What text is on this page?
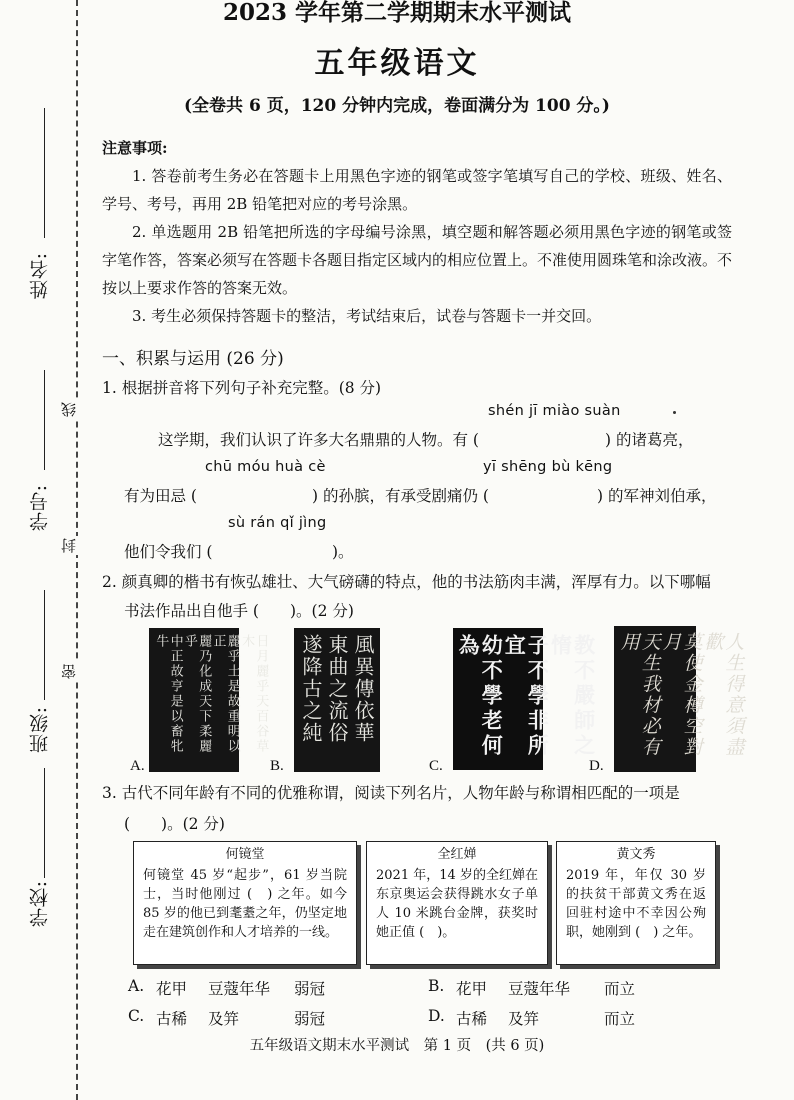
姓名:
学号:
班级:
学校:
线
封
密
2023 学年第二学期期末水平测试
五年级语文
(全卷共 6 页，120 分钟内完成，卷面满分为 100 分。)
注意事项:

1. 答卷前考生务必在答题卡上用黑色字迹的钢笔或签字笔填写自己的学校、班级、姓名、学号、考号，再用 2B 铅笔把对应的考号涂黑。

2. 单选题用 2B 铅笔把所选的字母编号涂黑，填空题和解答题必须用黑色字迹的钢笔或签字笔作答，答案必须写在答题卡各题目指定区域内的相应位置上。不准使用圆珠笔和涂改液。不按以上要求作答的答案无效。

3. 考生必须保持答题卡的整洁，考试结束后，试卷与答题卡一并交回。

一、积累与运用 (26 分)
1. 根据拼音将下列句子补充完整。(8 分)
shén jī miào suàn
这学期，我们认识了许多大名鼎鼎的人物。有 (	) 的诸葛亮，
chū móu huà cè	yī shēng bù kēng
有为田忌 (	) 的孙膑，有承受剧痛仍 (	) 的军神刘伯承，
sù rán qǐ jìng
他们令我们 (	)。
2. 颜真卿的楷书有恢弘雄壮、大气磅礴的特点，他的书法筋肉丰满，浑厚有力。以下哪幅
书法作品出自他手 (　　)。(2 分)
A.
日月麗乎天百谷草木
麗乎土是故重明以正
麗乃化成天下柔麗乎
中正故亨是以畜牝牛
B.
風異傳依華
東曲之流俗
遂降古之純
C.
教不嚴師之惰
子不學非所宜
幼不學老何為
D.
人生得意須盡歡
莫使金樽空對月
天生我材必有用
3. 古代不同年龄有不同的优雅称谓，阅读下列名片，人物年龄与称谓相匹配的一项是
(　　)。(2 分)
何镜堂
何镜堂 45 岁“起步”，61 岁当院士，当时他刚过 (　) 之年。如今 85 岁的他已到耄耋之年，仍坚定地走在建筑创作和人才培养的一线。
全红婵
2021 年，14 岁的全红婵在东京奥运会获得跳水女子单人 10 米跳台金牌，获奖时她正值 (　)。
黄文秀
2019 年，年仅 30 岁的扶贫干部黄文秀在返回驻村途中不幸因公殉职，她刚到 (　) 之年。
A. 花甲 豆蔻年华 弱冠	B. 花甲 豆蔻年华 而立
C. 古稀 及笄	弱冠	D. 古稀 及笄	而立
五年级语文期末水平测试　第 1 页　(共 6 页)
